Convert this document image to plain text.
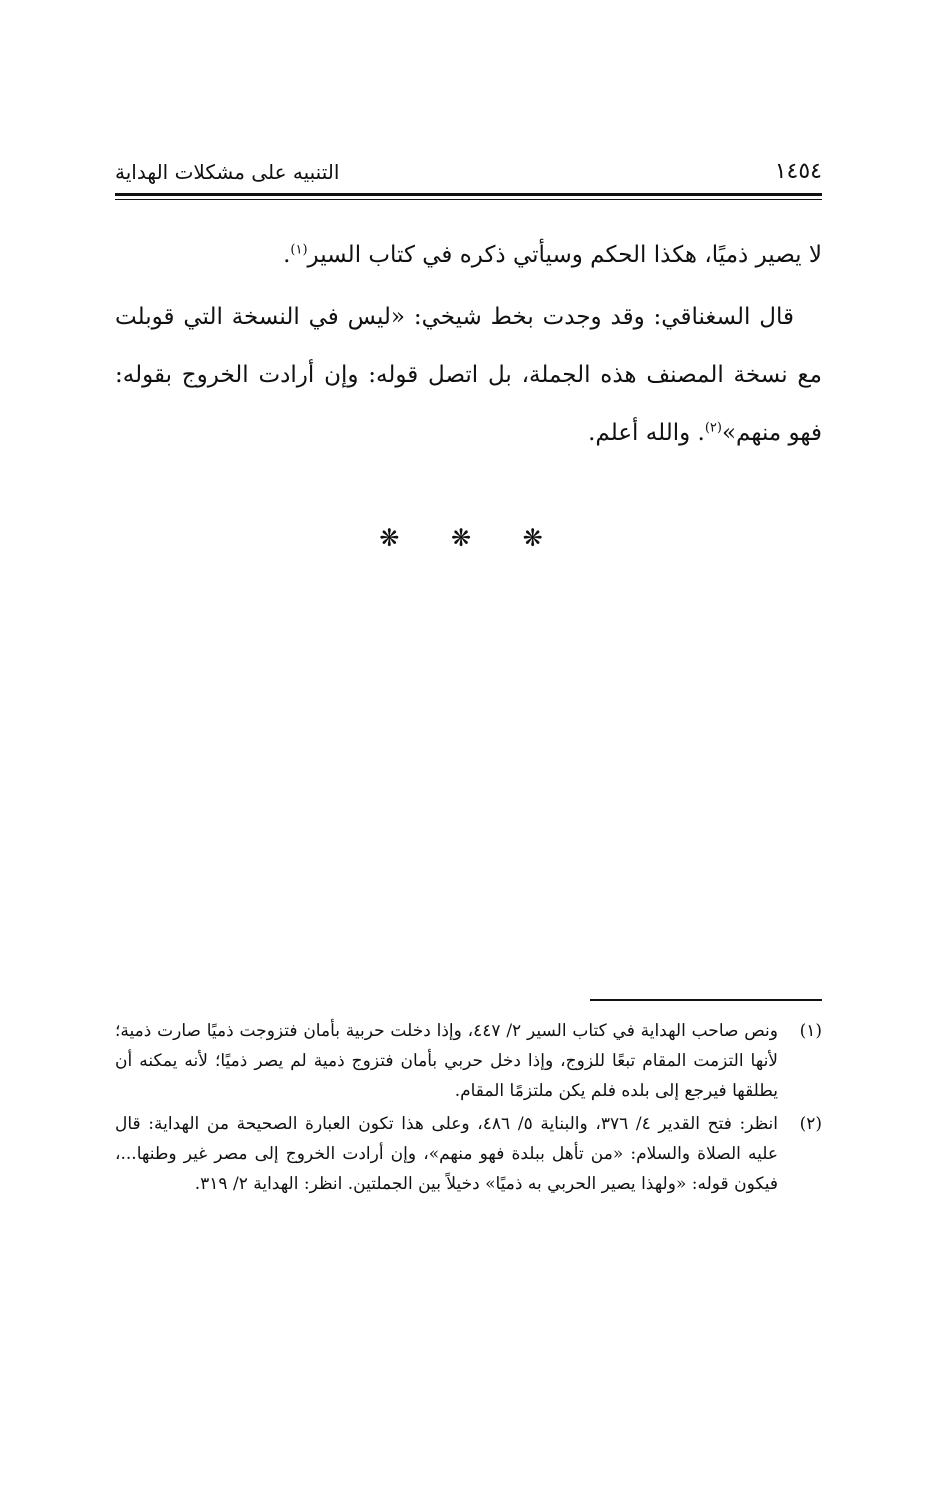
١٤٥٤
التنبيه على مشكلات الهداية

لا يصير ذميًا، هكذا الحكم وسيأتي ذكره في كتاب السير$^{(١)}$.

قال السغناقي: وقد وجدت بخط شيخي: «ليس في النسخة التي قوبلت مع نسخة المصنف هذه الجملة، بل اتصل قوله: وإن أرادت الخروج بقوله: فهو منهم»$^{(٢)}$. والله أعلم.

❋ ❋ ❋
(١)
ونص صاحب الهداية في كتاب السير ٢/ ٤٤٧، وإذا دخلت حربية بأمان فتزوجت ذميًا صارت ذمية؛ لأنها التزمت المقام تبعًا للزوج، وإذا دخل حربي بأمان فتزوج ذمية لم يصر ذميًا؛ لأنه يمكنه أن يطلقها فيرجع إلى بلده فلم يكن ملتزمًا المقام.
(٢)
انظر: فتح القدير ٤/ ٣٧٦، والبناية ٥/ ٤٨٦، وعلى هذا تكون العبارة الصحيحة من الهداية: قال عليه الصلاة والسلام: «من تأهل ببلدة فهو منهم»، وإن أرادت الخروج إلى مصر غير وطنها...، فيكون قوله: «ولهذا يصير الحربي به ذميًا» دخيلاً بين الجملتين. انظر: الهداية ٢/ ٣١٩.
